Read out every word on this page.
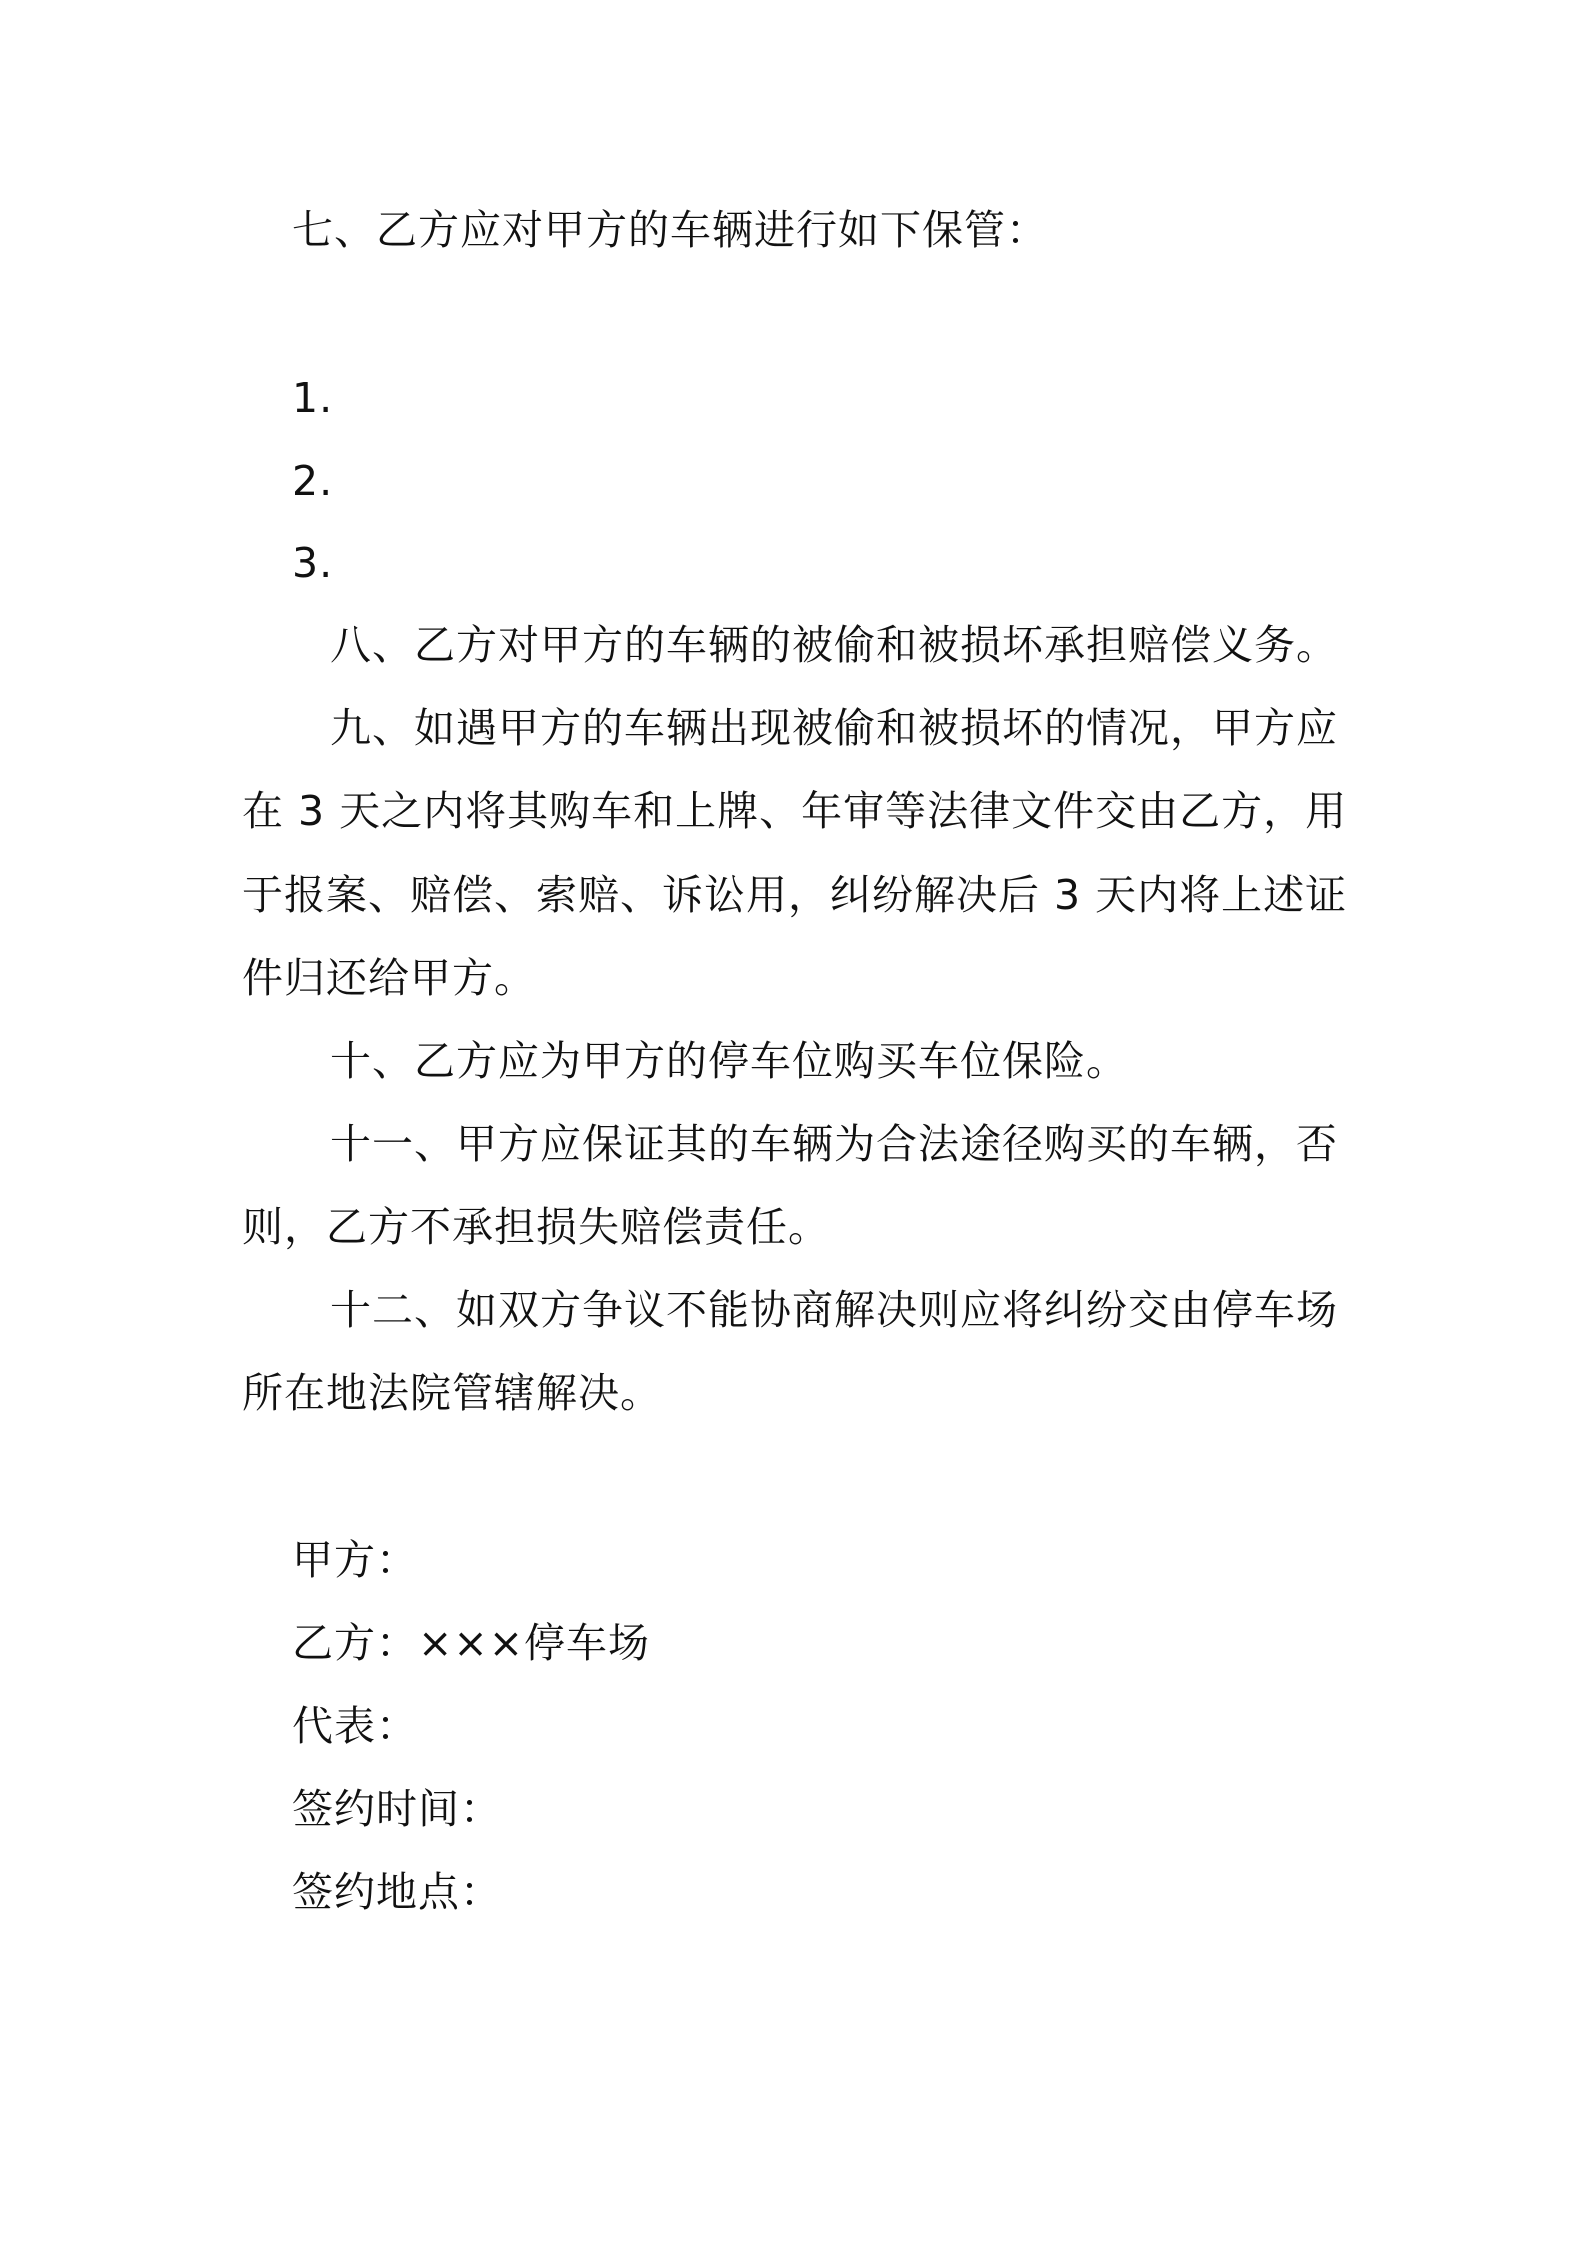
七、乙方应对甲方的车辆进行如下保管：
1.
2.
3.
八、乙方对甲方的车辆的被偷和被损坏承担赔偿义务。
九、如遇甲方的车辆出现被偷和被损坏的情况，甲方应
在 3 天之内将其购车和上牌、年审等法律文件交由乙方，用
于报案、赔偿、索赔、诉讼用，纠纷解决后 3 天内将上述证
件归还给甲方。
十、乙方应为甲方的停车位购买车位保险。
十一、甲方应保证其的车辆为合法途径购买的车辆，否
则，乙方不承担损失赔偿责任。
十二、如双方争议不能协商解决则应将纠纷交由停车场
所在地法院管辖解决。
甲方：
乙方：×××停车场
代表：
签约时间：
签约地点：
